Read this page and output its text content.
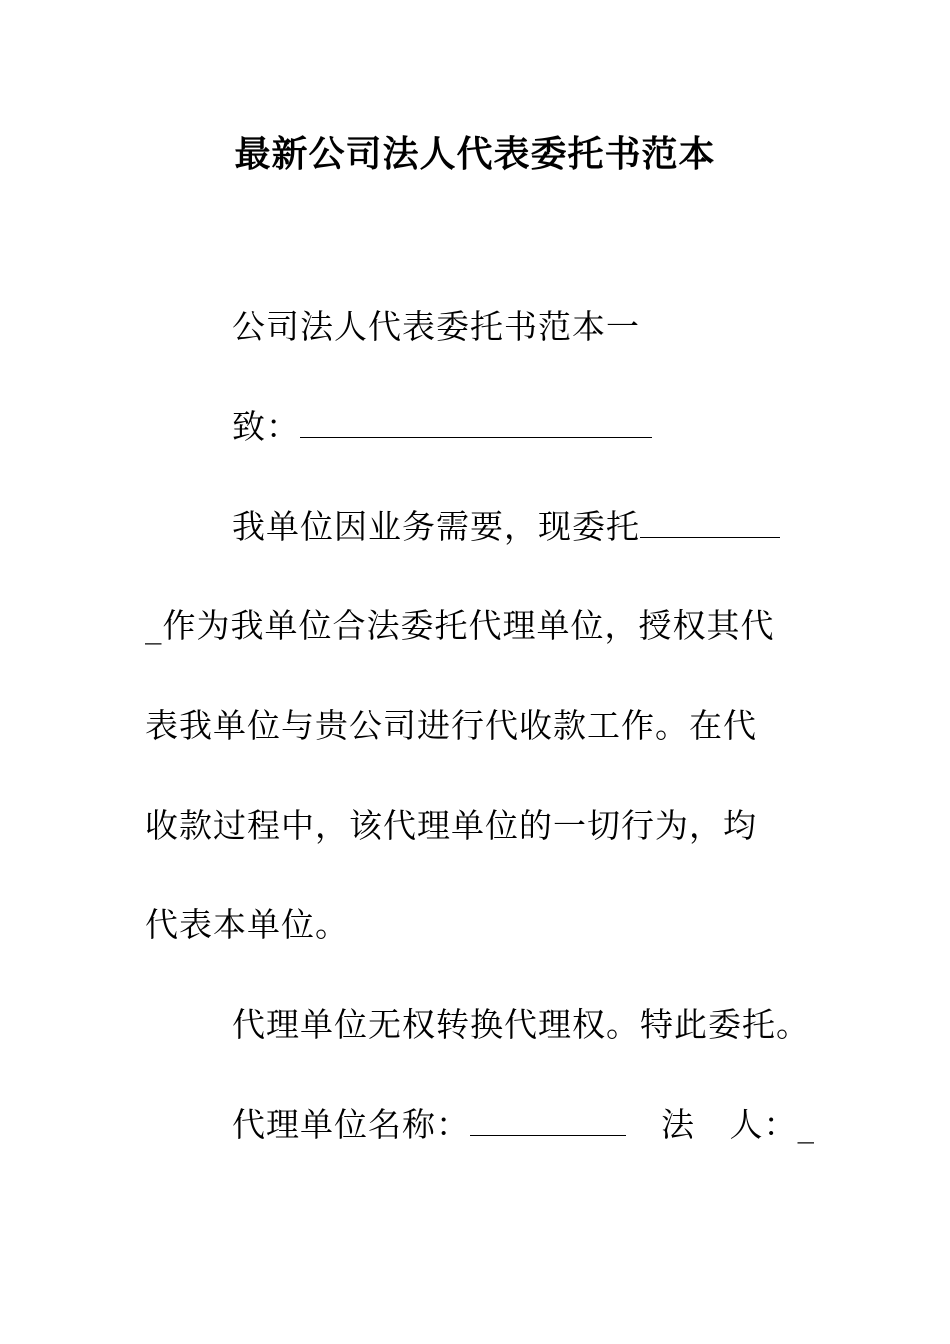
最新公司法人代表委托书范本
公司法人代表委托书范本一
致：
我单位因业务需要，现委托
_作为我单位合法委托代理单位，授权其代
表我单位与贵公司进行代收款工作。在代
收款过程中，该代理单位的一切行为，均
代表本单位。
代理单位无权转换代理权。特此委托。
代理单位名称：	法   人：_
